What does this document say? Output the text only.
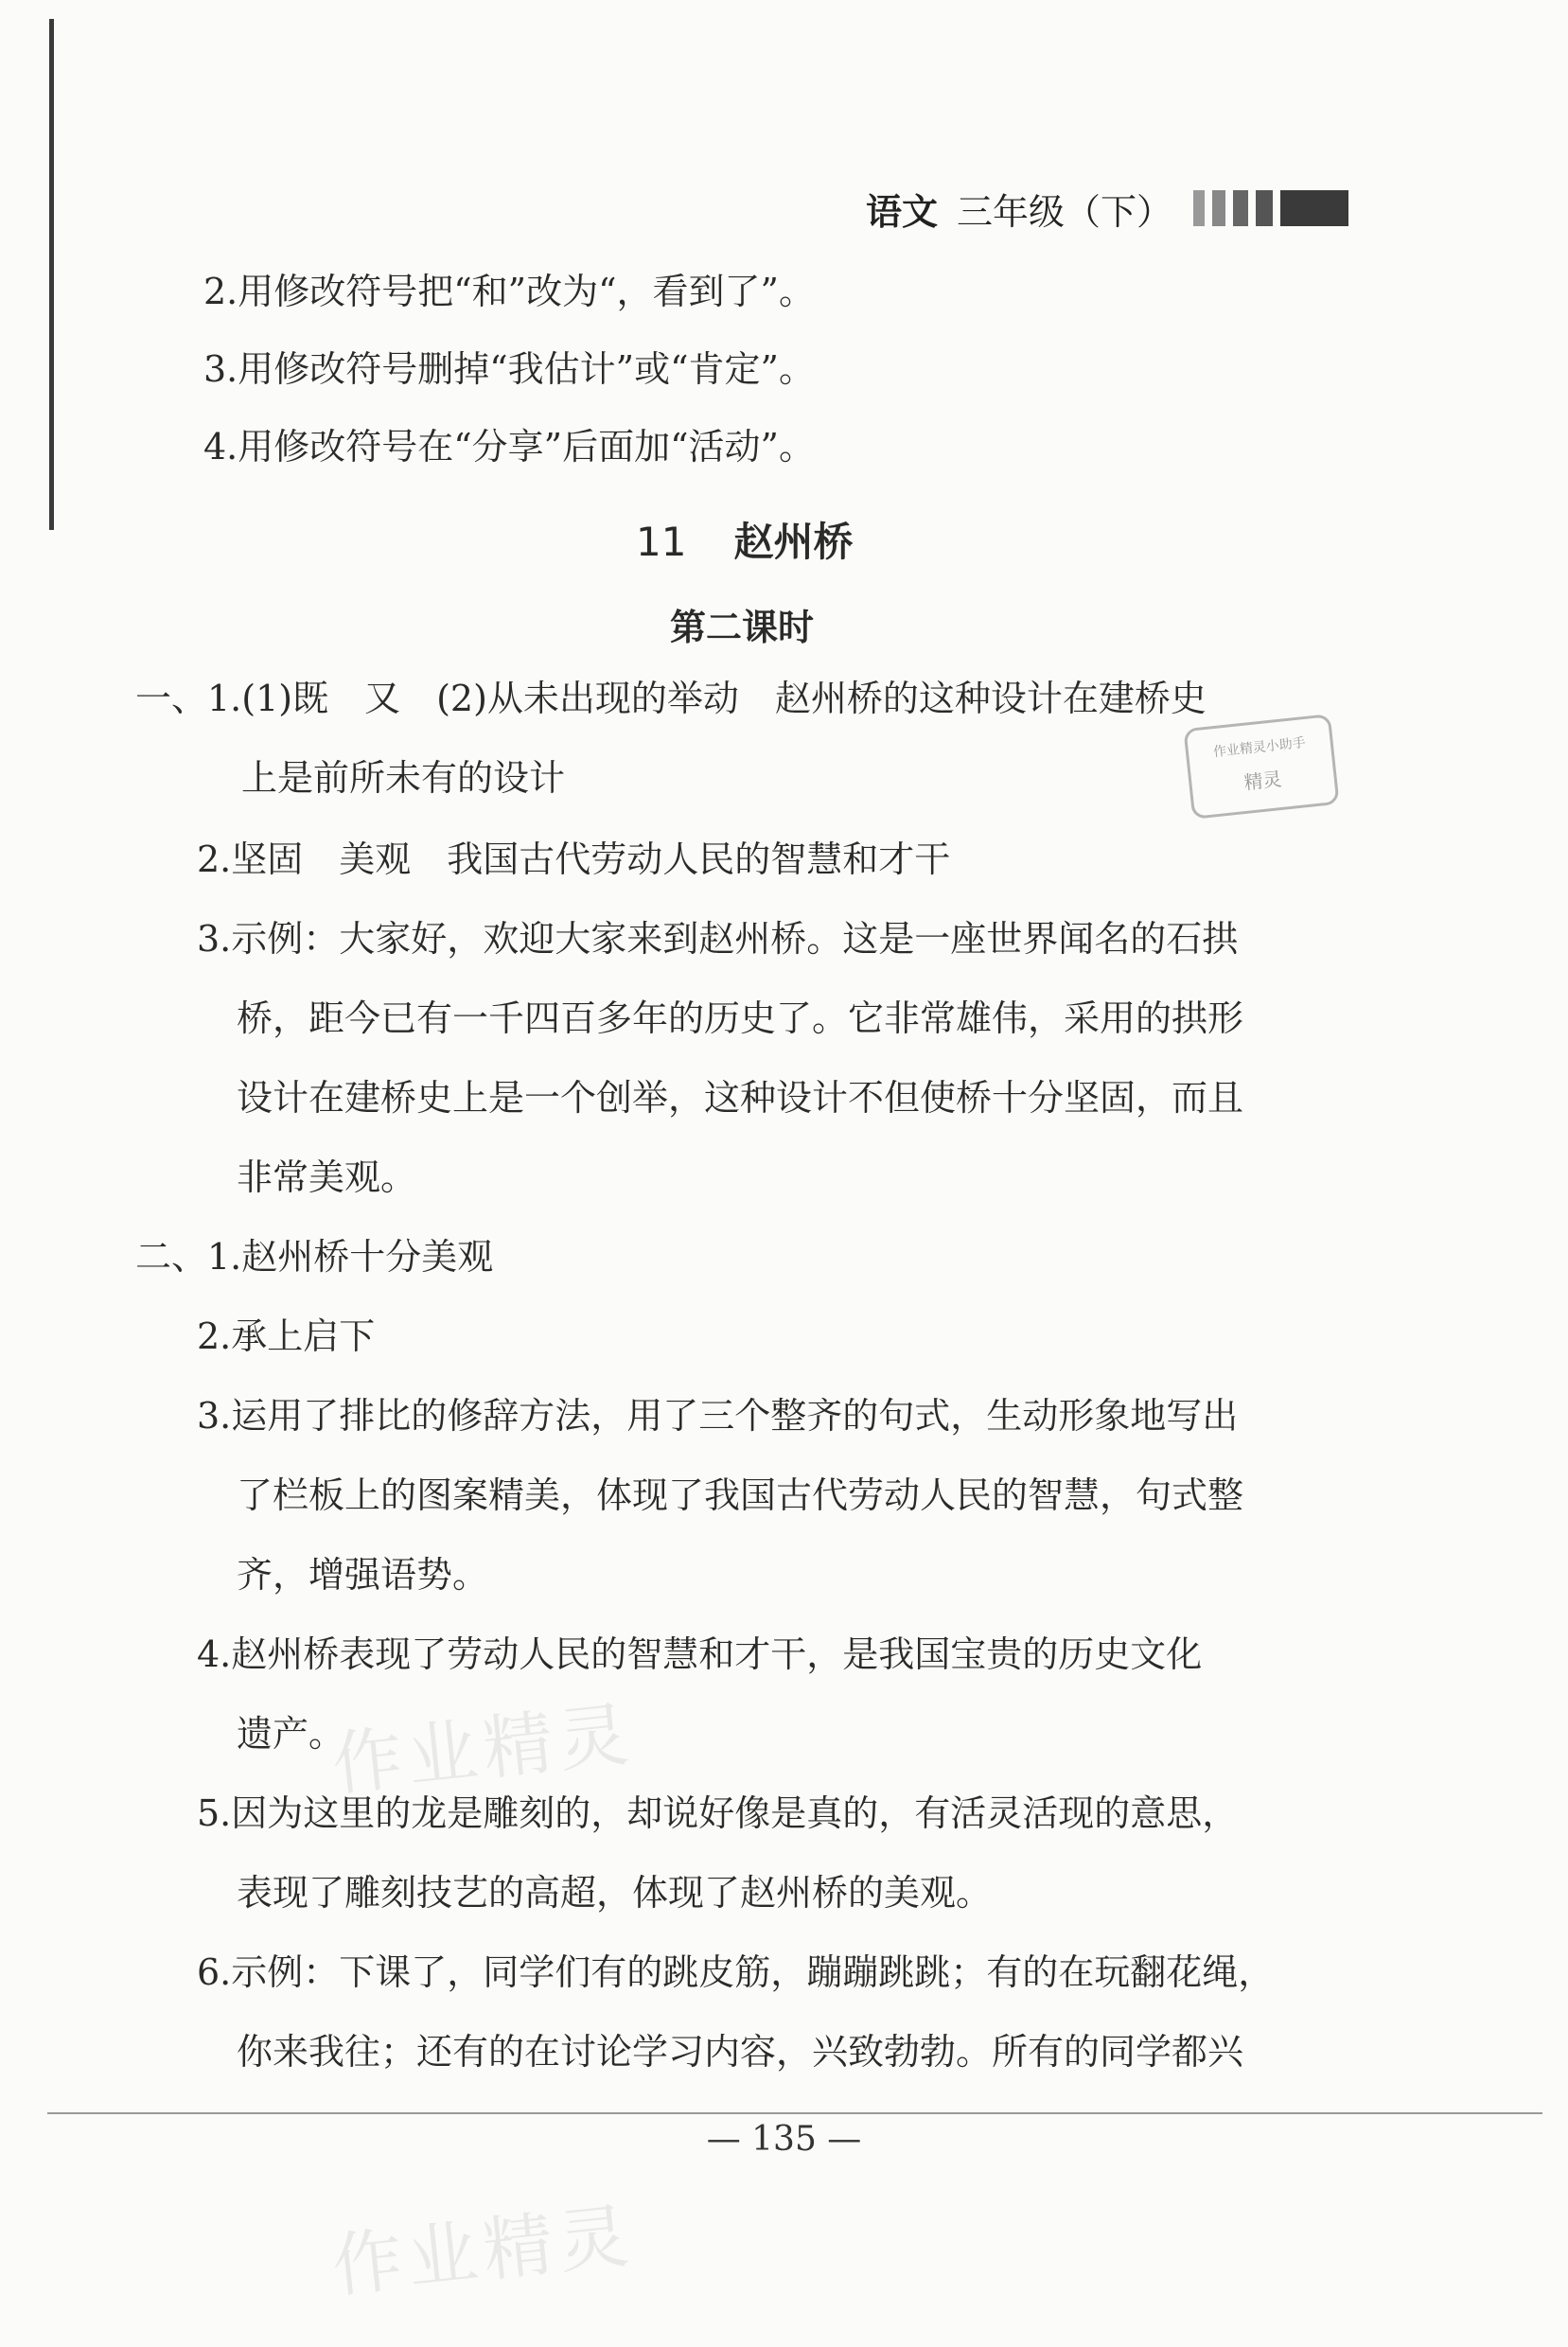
语文 三年级（下）
2.用修改符号把“和”改为“，看到了”。
3.用修改符号删掉“我估计”或“肯定”。
4.用修改符号在“分享”后面加“活动”。
11 赵州桥
第二课时
一、1.(1)既　又　(2)从未出现的举动　赵州桥的这种设计在建桥史
上是前所未有的设计
2.坚固　美观　我国古代劳动人民的智慧和才干
3.示例：大家好，欢迎大家来到赵州桥。这是一座世界闻名的石拱
桥，距今已有一千四百多年的历史了。它非常雄伟，采用的拱形
设计在建桥史上是一个创举，这种设计不但使桥十分坚固，而且
非常美观。
二、1.赵州桥十分美观
2.承上启下
3.运用了排比的修辞方法，用了三个整齐的句式，生动形象地写出
了栏板上的图案精美，体现了我国古代劳动人民的智慧，句式整
齐，增强语势。
4.赵州桥表现了劳动人民的智慧和才干，是我国宝贵的历史文化
遗产。
5.因为这里的龙是雕刻的，却说好像是真的，有活灵活现的意思，
表现了雕刻技艺的高超，体现了赵州桥的美观。
6.示例：下课了，同学们有的跳皮筋，蹦蹦跳跳；有的在玩翻花绳，
你来我往；还有的在讨论学习内容，兴致勃勃。所有的同学都兴
— 135 —
作业精灵小助手
精灵
作业精灵
作业精灵
